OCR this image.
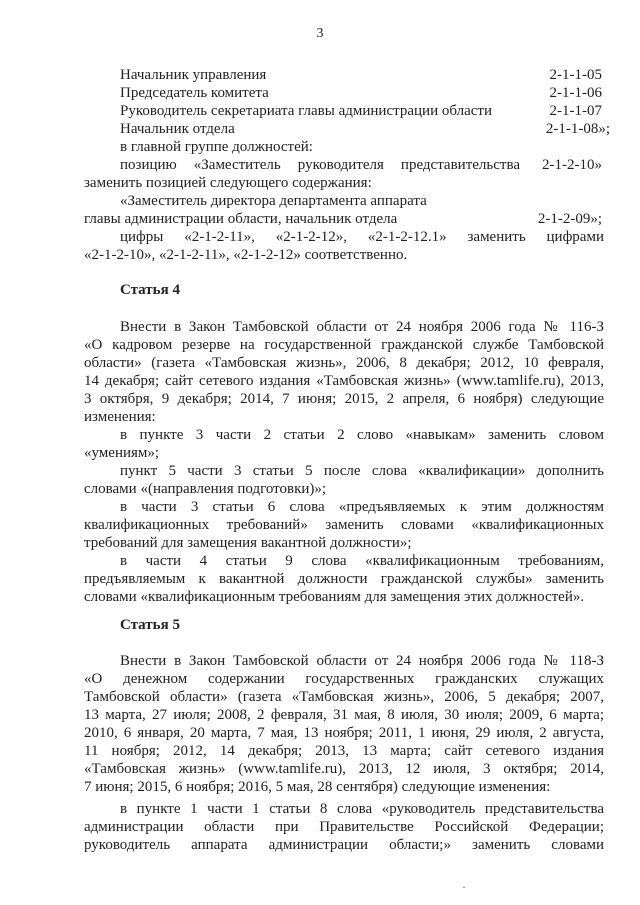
3
Начальник управления	2-1-1-05
Председатель комитета	2-1-1-06
Руководитель секретариата главы администрации области	2-1-1-07
Начальник отдела	2-1-1-08»;
в главной группе должностей:
позицию «Заместитель руководителя представительства 2-1-2-10»
заменить позицией следующего содержания:
«Заместитель директора департамента аппарата
главы администрации области, начальник отдела	2-1-2-09»;
цифры «2-1-2-11», «2-1-2-12», «2-1-2-12.1» заменить цифрами
«2-1-2-10», «2-1-2-11», «2-1-2-12» соответственно.
Статья 4
Внести в Закон Тамбовской области от 24 ноября 2006 года № 116-З
«О кадровом резерве на государственной гражданской службе Тамбовской
области» (газета «Тамбовская жизнь», 2006, 8 декабря; 2012, 10 февраля,
14 декабря; сайт сетевого издания «Тамбовская жизнь» (www.tamlife.ru), 2013,
3 октября, 9 декабря; 2014, 7 июня; 2015, 2 апреля, 6 ноября) следующие
изменения:
в пункте 3 части 2 статьи 2 слово «навыкам» заменить словом
«умениям»;
пункт 5 части 3 статьи 5 после слова «квалификации» дополнить
словами «(направления подготовки)»;
в части 3 статьи 6 слова «предъявляемых к этим должностям
квалификационных требований» заменить словами «квалификационных
требований для замещения вакантной должности»;
в части 4 статьи 9 слова «квалификационным требованиям,
предъявляемым к вакантной должности гражданской службы» заменить
словами «квалификационным требованиям для замещения этих должностей».
Статья 5
Внести в Закон Тамбовской области от 24 ноября 2006 года № 118-З
«О денежном содержании государственных гражданских служащих
Тамбовской области» (газета «Тамбовская жизнь», 2006, 5 декабря; 2007,
13 марта, 27 июля; 2008, 2 февраля, 31 мая, 8 июля, 30 июля; 2009, 6 марта;
2010, 6 января, 20 марта, 7 мая, 13 ноября; 2011, 1 июня, 29 июля, 2 августа,
11 ноября; 2012, 14 декабря; 2013, 13 марта; сайт сетевого издания
«Тамбовская жизнь» (www.tamlife.ru), 2013, 12 июля, 3 октября; 2014,
7 июня; 2015, 6 ноября; 2016, 5 мая, 28 сентября) следующие изменения:
в пункте 1 части 1 статьи 8 слова «руководитель представительства
администрации области при Правительстве Российской Федерации;
руководитель аппарата администрации области;» заменить словами
·
